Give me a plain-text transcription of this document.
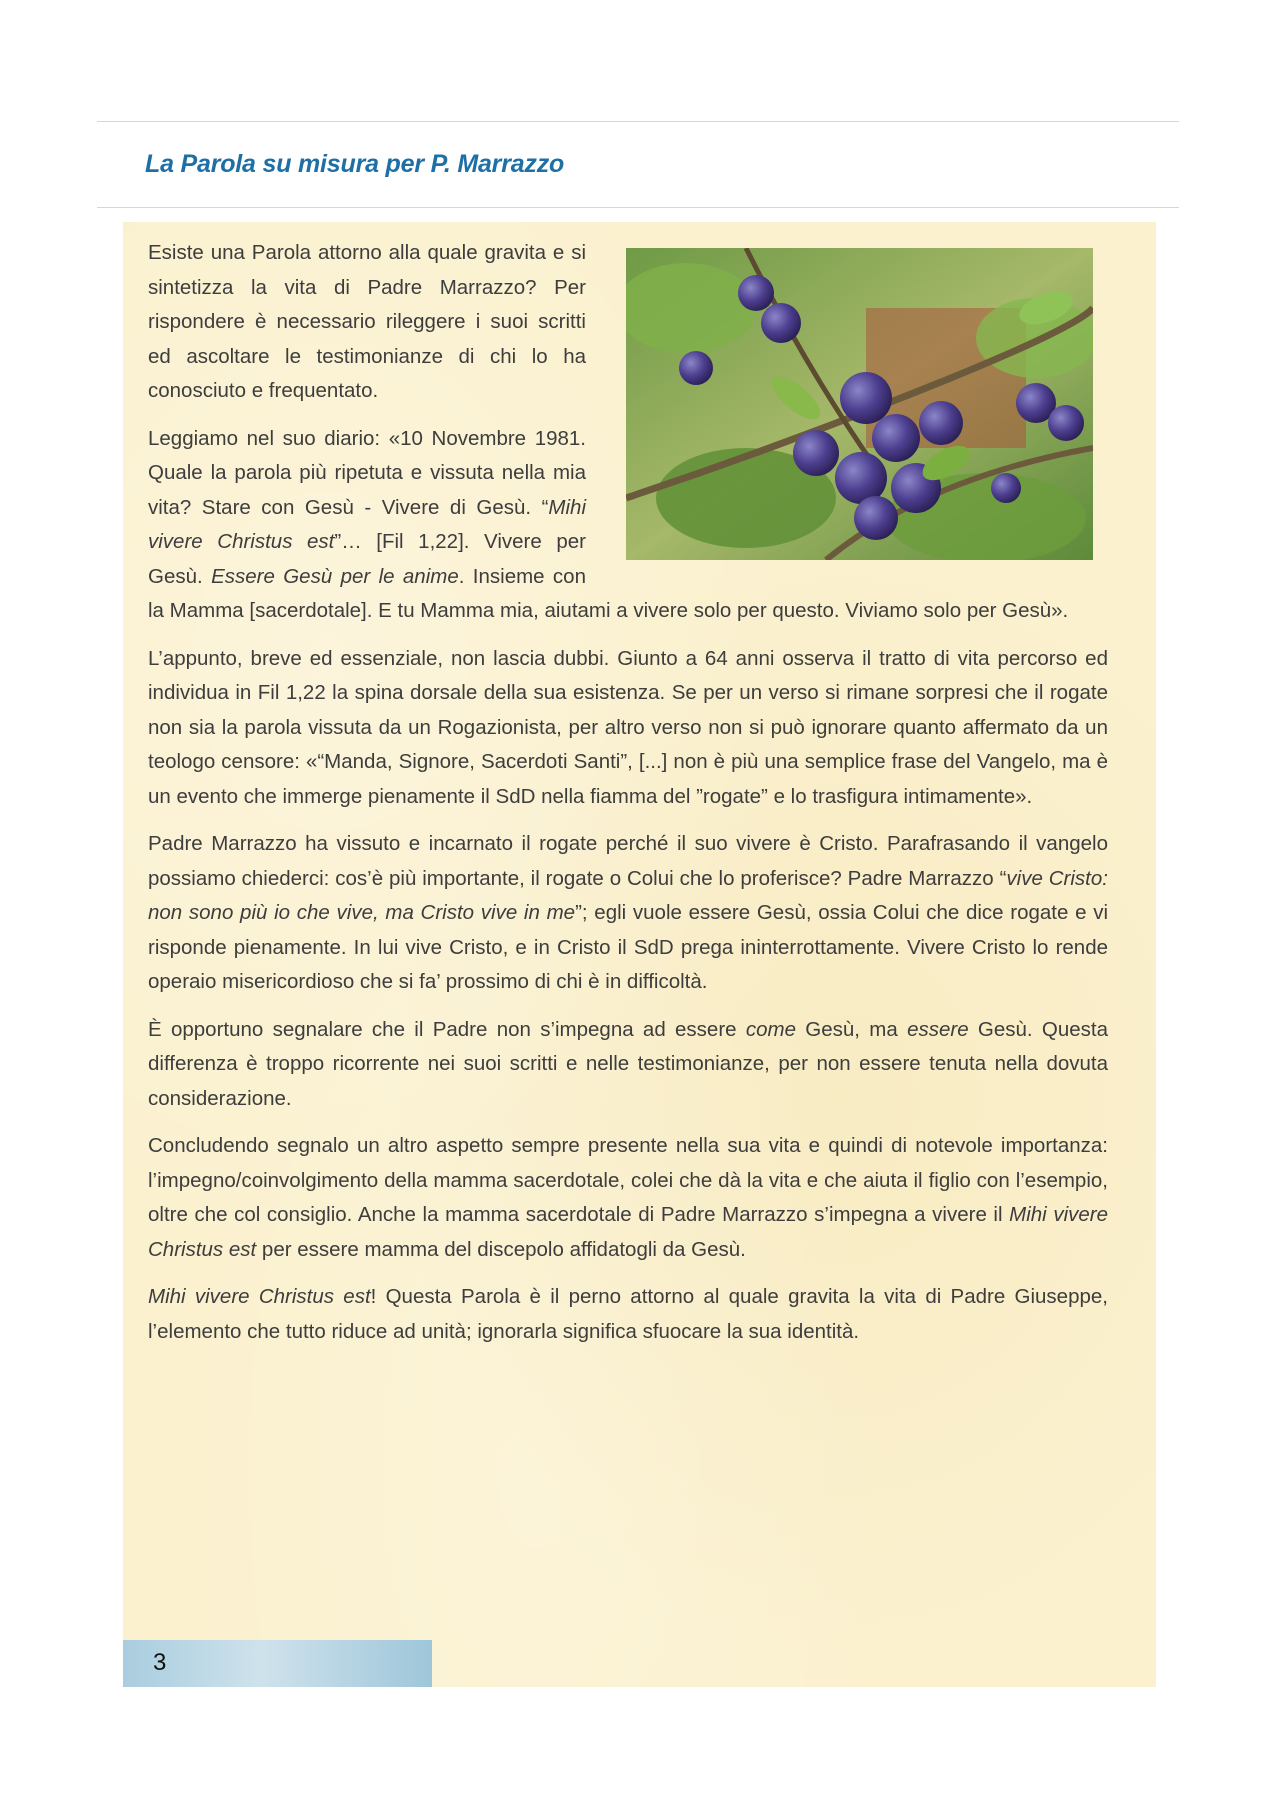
La Parola su misura per P. Marrazzo

Esiste una Parola attorno alla quale gravita e si sintetizza la vita di Padre Marrazzo? Per rispondere è necessario rileggere i suoi scritti ed ascoltare le testimonianze di chi lo ha conosciuto e frequentato.

Leggiamo nel suo diario: «10 Novembre 1981. Quale la parola più ripetuta e vissuta nella mia vita? Stare con Gesù - Vivere di Gesù. “Mihi vivere Christus est”… [Fil 1,22]. Vivere per Gesù. Essere Gesù per le anime. Insieme con la Mamma [sacerdotale]. E tu Mamma mia, aiutami a vivere solo per questo. Viviamo solo per Gesù».

L’appunto, breve ed essenziale, non lascia dubbi. Giunto a 64 anni osserva il tratto di vita percorso ed individua in Fil 1,22 la spina dorsale della sua esistenza. Se per un verso si rimane sorpresi che il rogate non sia la parola vissuta da un Rogazionista, per altro verso non si può ignorare quanto affermato da un teologo censore: «“Manda, Signore, Sacerdoti Santi”, [...] non è più una semplice frase del Vangelo, ma è un evento che immerge pienamente il SdD nella fiamma del ”rogate” e lo trasfigura intimamente».

Padre Marrazzo ha vissuto e incarnato il rogate perché il suo vivere è Cristo. Parafrasando il vangelo possiamo chiederci: cos’è più importante, il rogate o Colui che lo proferisce? Padre Marrazzo “vive Cristo: non sono più io che vive, ma Cristo vive in me”; egli vuole essere Gesù, ossia Colui che dice rogate e vi risponde pienamente. In lui vive Cristo, e in Cristo il SdD prega ininterrottamente. Vivere Cristo lo rende operaio misericordioso che si fa’ prossimo di chi è in difficoltà.

È opportuno segnalare che il Padre non s’impegna ad essere come Gesù, ma essere Gesù. Questa differenza è troppo ricorrente nei suoi scritti e nelle testimonianze, per non essere tenuta nella dovuta considerazione.

Concludendo segnalo un altro aspetto sempre presente nella sua vita e quindi di notevole importanza: l’impegno/coinvolgimento della mamma sacerdotale, colei che dà la vita e che aiuta il figlio con l’esempio, oltre che col consiglio. Anche la mamma sacerdotale di Padre Marrazzo s’impegna a vivere il Mihi vivere Christus est per essere mamma del discepolo affidatogli da Gesù.

Mihi vivere Christus est! Questa Parola è il perno attorno al quale gravita la vita di Padre Giuseppe, l’elemento che tutto riduce ad unità; ignorarla significa sfuocare la sua identità.

3
